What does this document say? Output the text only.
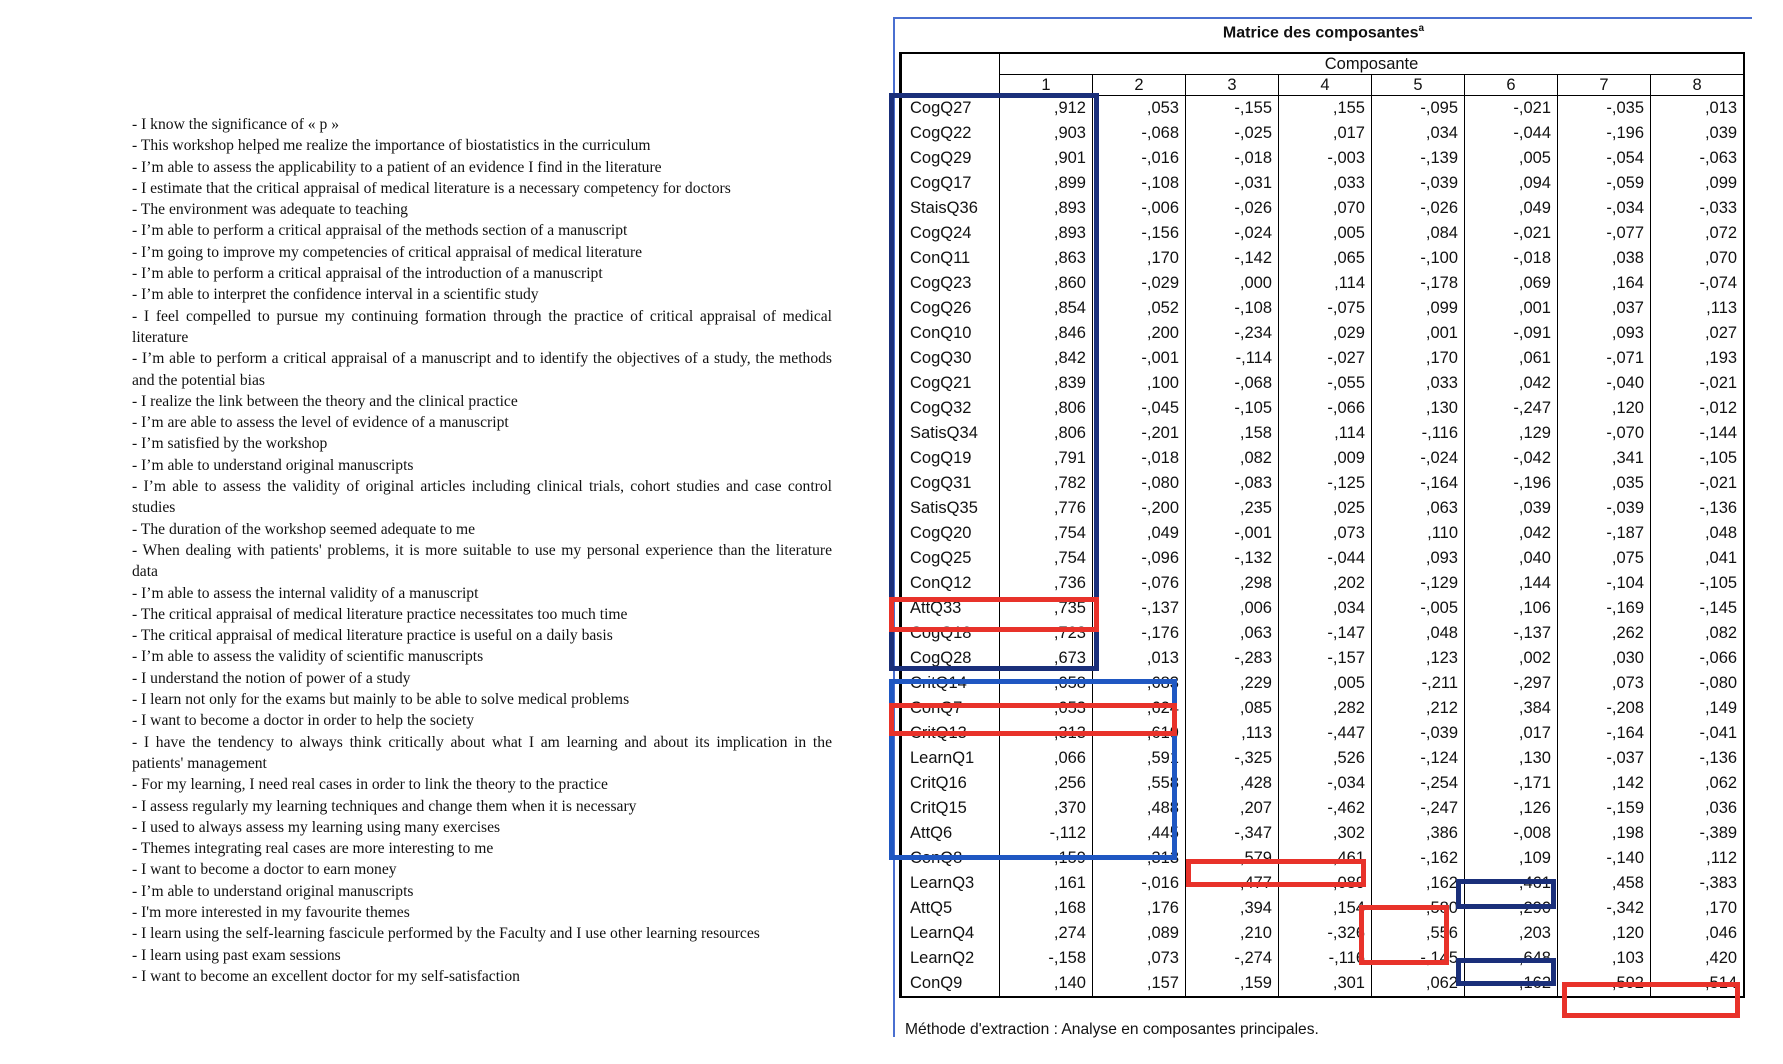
- I know the significance of « p »
- This workshop helped me realize the importance of biostatistics in the curriculum
- I’m able to assess the applicability to a patient of an evidence I find in the literature
- I estimate that the critical appraisal of medical literature is a necessary competency for doctors
- The environment was adequate to teaching
- I’m able to perform a critical appraisal of the methods section of a manuscript
- I’m going to improve my competencies of critical appraisal of medical literature
- I’m able to perform a critical appraisal of the introduction of a manuscript
- I’m able to interpret the confidence interval in a scientific study
- I feel compelled to pursue my continuing formation through the practice of critical appraisal of medical literature
- I’m able to perform a critical appraisal of a manuscript and to identify the objectives of a study, the methods and the potential bias
- I realize the link between the theory and the clinical practice
- I’m are able to assess the level of evidence of a manuscript
- I’m satisfied by the workshop
- I’m able to understand original manuscripts
- I’m able to assess the validity of original articles including clinical trials, cohort studies and case control studies
- The duration of the workshop seemed adequate to me
- When dealing with patients' problems, it is more suitable to use my personal experience than the literature data
- I’m able to assess the internal validity of a manuscript
- The critical appraisal of medical literature practice necessitates too much time
- The critical appraisal of medical literature practice is useful on a daily basis
- I’m able to assess the validity of scientific manuscripts
- I understand the notion of power of a study
- I learn not only for the exams but mainly to be able to solve medical problems
- I want to become a doctor in order to help the society
- I have the tendency to always think critically about what I am learning and about its implication in the patients' management
- For my learning, I need real cases in order to link the theory to the practice
- I assess regularly my learning techniques and change them when it is necessary
- I used to always assess my learning using many exercises
- Themes integrating real cases are more interesting to me
- I want to become a doctor to earn money
- I’m able to understand original manuscripts
- I'm more interested in my favourite themes
- I learn using the self-learning fascicule performed by the Faculty and I use other learning resources
- I learn using past exam sessions
- I want to become an excellent doctor for my self-satisfaction
Matrice des composantes$^a$
	Composante							
	1	2	3	4	5	6	7	8
CogQ27	,912	,053	-,155	,155	-,095	-,021	-,035	,013
CogQ22	,903	-,068	-,025	,017	,034	-,044	-,196	,039
CogQ29	,901	-,016	-,018	-,003	-,139	,005	-,054	-,063
CogQ17	,899	-,108	-,031	,033	-,039	,094	-,059	,099
StaisQ36	,893	-,006	-,026	,070	-,026	,049	-,034	-,033
CogQ24	,893	-,156	-,024	,005	,084	-,021	-,077	,072
ConQ11	,863	,170	-,142	,065	-,100	-,018	,038	,070
CogQ23	,860	-,029	,000	,114	-,178	,069	,164	-,074
CogQ26	,854	,052	-,108	-,075	,099	,001	,037	,113
ConQ10	,846	,200	-,234	,029	,001	-,091	,093	,027
CogQ30	,842	-,001	-,114	-,027	,170	,061	-,071	,193
CogQ21	,839	,100	-,068	-,055	,033	,042	-,040	-,021
CogQ32	,806	-,045	-,105	-,066	,130	-,247	,120	-,012
SatisQ34	,806	-,201	,158	,114	-,116	,129	-,070	-,144
CogQ19	,791	-,018	,082	,009	-,024	-,042	,341	-,105
CogQ31	,782	-,080	-,083	-,125	-,164	-,196	,035	-,021
SatisQ35	,776	-,200	,235	,025	,063	,039	-,039	-,136
CogQ20	,754	,049	-,001	,073	,110	,042	-,187	,048
CogQ25	,754	-,096	-,132	-,044	,093	,040	,075	,041
ConQ12	,736	-,076	,298	,202	-,129	,144	-,104	-,105
AttQ33	,735	-,137	,006	,034	-,005	,106	-,169	-,145
CogQ18	,723	-,176	,063	-,147	,048	-,137	,262	,082
CogQ28	,673	,013	-,283	-,157	,123	,002	,030	-,066
CritQ14	,058	,683	,229	,005	-,211	-,297	,073	-,080
ConQ7	,053	,624	,085	,282	,212	,384	-,208	,149
CritQ13	,313	,619	,113	-,447	-,039	,017	-,164	-,041
LearnQ1	,066	,591	-,325	,526	-,124	,130	-,037	-,136
CritQ16	,256	,558	,428	-,034	-,254	-,171	,142	,062
CritQ15	,370	,488	,207	-,462	-,247	,126	-,159	,036
AttQ6	-,112	,445	-,347	,302	,386	-,008	,198	-,389
ConQ8	,159	-,313	,579	,461	-,162	,109	-,140	,112
LearnQ3	,161	-,016	,477	-,089	,162	,461	,458	-,383
AttQ5	,168	,176	,394	,154	,580	-,290	-,342	,170
LearnQ4	,274	,089	,210	-,326	,556	,203	,120	,046
LearnQ2	-,158	,073	-,274	-,116	-,145	,648	,103	,420
ConQ9	,140	,157	,159	,301	,062	-,162	,592	,514
Méthode d'extraction : Analyse en composantes principales.
